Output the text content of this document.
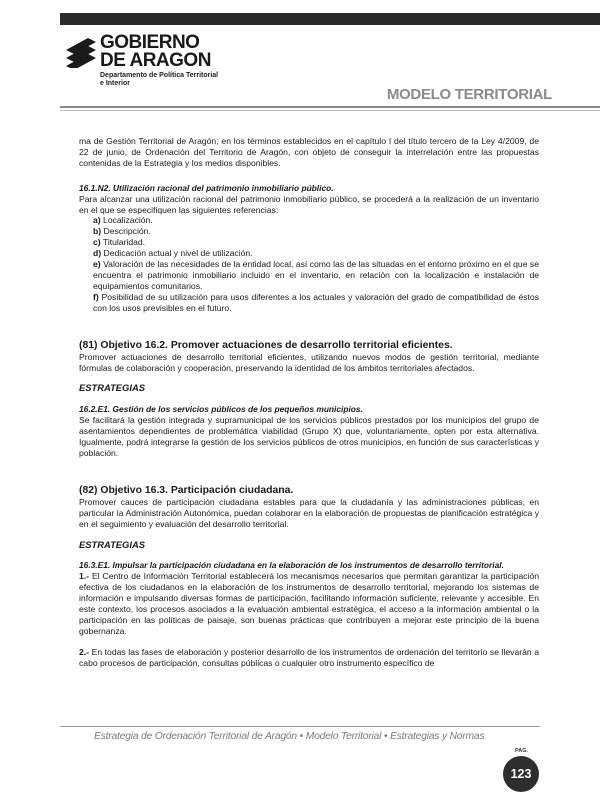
GOBIERNO
DE ARAGON
Departamento de Política Territorial
e Interior
MODELO TERRITORIAL

ma de Gestión Territorial de Aragón, en los términos establecidos en el capítulo I del título tercero de la Ley 4/2009, de 22 de junio, de Ordenación del Territorio de Aragón, con objeto de conseguir la interrelación entre las propuestas contenidas de la Estrategia y los medios disponibles.

16.1.N2. Utilización racional del patrimonio inmobiliario público.

Para alcanzar una utilización racional del patrimonio inmobiliario público, se procederá a la realización de un inventario en el que se especifiquen las siguientes referencias:

a) Localización.

b) Descripción.

c) Titularidad.

d) Dedicación actual y nivel de utilización.

e) Valoración de las necesidades de la entidad local, así como las de las situadas en el entorno próximo en el que se encuentra el patrimonio inmobiliario incluido en el inventario, en relación con la localización e instalación de equipamientos comunitarios.

f) Posibilidad de su utilización para usos diferentes a los actuales y valoración del grado de compatibilidad de éstos con los usos previsibles en el futuro.

(81) Objetivo 16.2. Promover actuaciones de desarrollo territorial eficientes.

Promover actuaciones de desarrollo territorial eficientes, utilizando nuevos modos de gestión territorial, mediante fórmulas de colaboración y cooperación, preservando la identidad de los ámbitos territoriales afectados.

ESTRATEGIAS

16.2.E1. Gestión de los servicios públicos de los pequeños municipios.

Se facilitará la gestión integrada y supramunicipal de los servicios públicos prestados por los municipios del grupo de asentamientos dependientes de problemática viabilidad (Grupo X) que, voluntariamente, opten por esta alternativa. Igualmente, podrá integrarse la gestión de los servicios públicos de otros municipios, en función de sus características y población.

(82) Objetivo 16.3. Participación ciudadana.

Promover cauces de participación ciudadana estables para que la ciudadanía y las administraciones públicas, en particular la Administración Autonómica, puedan colaborar en la elaboración de propuestas de planificación estratégica y en el seguimiento y evaluación del desarrollo territorial.

ESTRATEGIAS

16.3.E1. Impulsar la participación ciudadana en la elaboración de los instrumentos de desarrollo territorial.

1.- El Centro de Información Territorial establecerá los mecanismos necesarios que permitan garantizar la participación efectiva de los ciudadanos en la elaboración de los instrumentos de desarrollo territorial, mejorando los sistemas de información e impulsando diversas formas de participación, facilitando información suficiente, relevante y accesible. En este contexto, los procesos asociados a la evaluación ambiental estratégica, el acceso a la información ambiental o la participación en las políticas de paisaje, son buenas prácticas que contribuyen a mejorar este principio de la buena gobernanza.

2.- En todas las fases de elaboración y posterior desarrollo de los instrumentos de ordenación del territorio se llevarán a cabo procesos de participación, consultas públicas o cualquier otro instrumento específico de

Estrategia de Ordenación Territorial de Aragón • Modelo Territorial • Estrategias y Normas
PAG.
123
